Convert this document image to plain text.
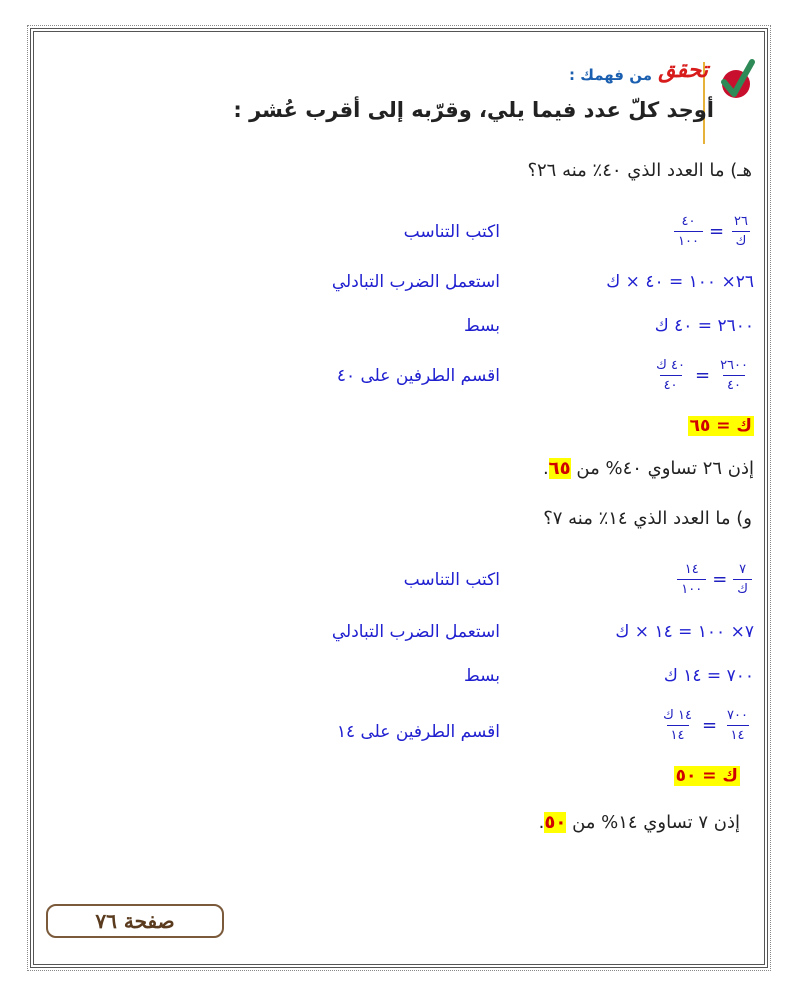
تحقق
من فهمك :
أوجد كلّ عدد فيما يلي، وقرّبه إلى أقرب عُشر :
هـ) ما العدد الذي ٤٠٪ منه ٢٦؟
$\frac{٤٠}{١٠٠} = \frac{٢٦}{\text{ك}}$
اكتب التناسب
٢٦× ١٠٠ = ٤٠ × ك
استعمل الضرب التبادلي
٢٦٠٠ = ٤٠ ك
بسط
$\frac{\text{٤٠ ك}}{٤٠} = \frac{٢٦٠٠}{٤٠}$
اقسم الطرفين على ٤٠
ك = ٦٥
إذن ٢٦ تساوي ٤٠% من ٦٥.
و) ما العدد الذي ١٤٪ منه ٧؟
$\frac{١٤}{١٠٠} = \frac{٧}{\text{ك}}$
اكتب التناسب
٧× ١٠٠ = ١٤ × ك
استعمل الضرب التبادلي
٧٠٠ = ١٤ ك
بسط
$\frac{\text{١٤ ك}}{١٤} = \frac{٧٠٠}{١٤}$
اقسم الطرفين على ١٤
ك = ٥٠
إذن ٧ تساوي ١٤% من ٥٠.
صفحة ٧٦
